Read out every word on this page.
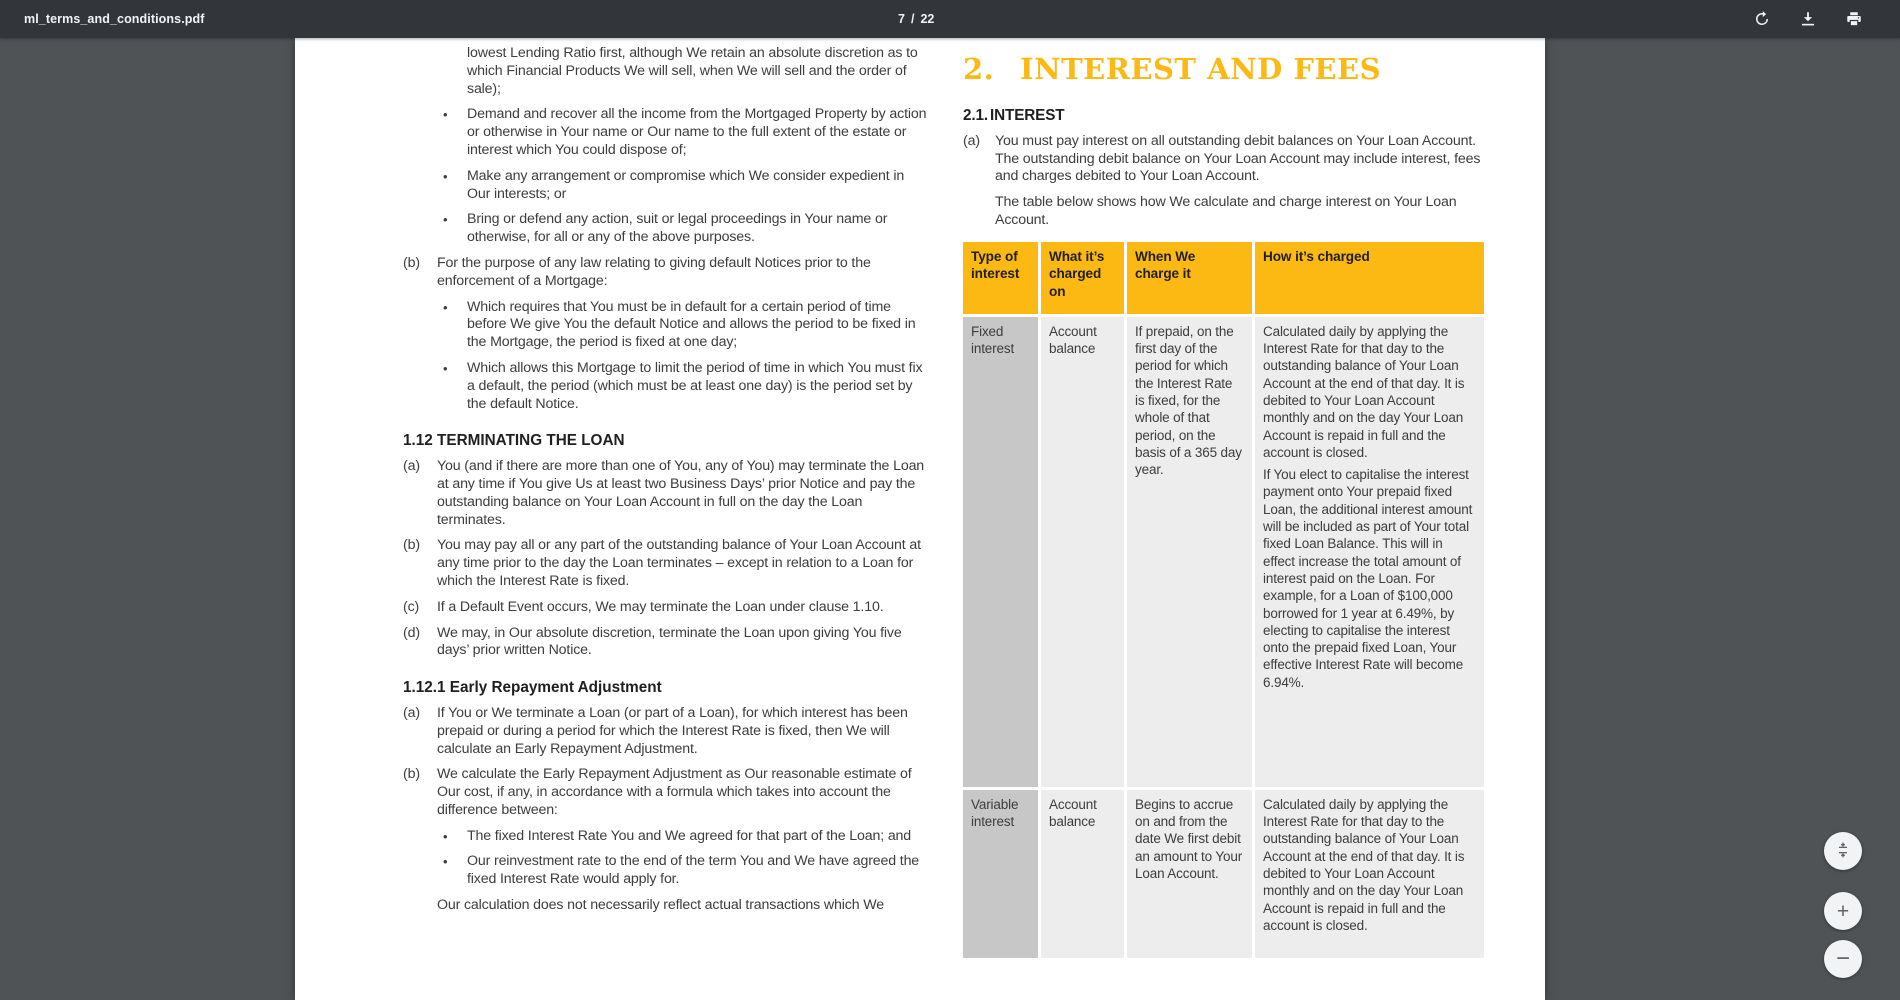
ml_terms_and_conditions.pdf	7 / 22
lowest Lending Ratio first, although We retain an absolute discretion as to which Financial Products We will sell, when We will sell and the order of sale);
•	Demand and recover all the income from the Mortgaged Property by action or otherwise in Your name or Our name to the full extent of the estate or interest which You could dispose of;
•	Make any arrangement or compromise which We consider expedient in Our interests; or
•	Bring or defend any action, suit or legal proceedings in Your name or otherwise, for all or any of the above purposes.
(b)	For the purpose of any law relating to giving default Notices prior to the enforcement of a Mortgage:
•	Which requires that You must be in default for a certain period of time before We give You the default Notice and allows the period to be fixed in the Mortgage, the period is fixed at one day;
•	Which allows this Mortgage to limit the period of time in which You must fix a default, the period (which must be at least one day) is the period set by the default Notice.
1.12 TERMINATING THE LOAN
(a)	You (and if there are more than one of You, any of You) may terminate the Loan at any time if You give Us at least two Business Days’ prior Notice and pay the outstanding balance on Your Loan Account in full on the day the Loan terminates.
(b)	You may pay all or any part of the outstanding balance of Your Loan Account at any time prior to the day the Loan terminates – except in relation to a Loan for which the Interest Rate is fixed.
(c)	If a Default Event occurs, We may terminate the Loan under clause 1.10.
(d)	We may, in Our absolute discretion, terminate the Loan upon giving You five days’ prior written Notice.
1.12.1 Early Repayment Adjustment
(a)	If You or We terminate a Loan (or part of a Loan), for which interest has been prepaid or during a period for which the Interest Rate is fixed, then We will calculate an Early Repayment Adjustment.
(b)	We calculate the Early Repayment Adjustment as Our reasonable estimate of Our cost, if any, in accordance with a formula which takes into account the difference between:
•	The fixed Interest Rate You and We agreed for that part of the Loan; and
•	Our reinvestment rate to the end of the term You and We have agreed the fixed Interest Rate would apply for.
Our calculation does not necessarily reflect actual transactions which We
2. INTEREST AND FEES
2.1. INTEREST
(a)	You must pay interest on all outstanding debit balances on Your Loan Account. The outstanding debit balance on Your Loan Account may include interest, fees and charges debited to Your Loan Account.
The table below shows how We calculate and charge interest on Your Loan Account.
Type of interest	What it’s charged on	When We charge it	How it’s charged
Fixed interest	Account balance	If prepaid, on the first day of the period for which the Interest Rate is fixed, for the whole of that period, on the basis of a 365 day year.	Calculated daily by applying the Interest Rate for that day to the outstanding balance of Your Loan Account at the end of that day. It is debited to Your Loan Account monthly and on the day Your Loan Account is repaid in full and the account is closed.

If You elect to capitalise the interest payment onto Your prepaid fixed Loan, the additional interest amount will be included as part of Your total fixed Loan Balance. This will in effect increase the total amount of interest paid on the Loan. For example, for a Loan of $100,000 borrowed for 1 year at 6.49%, by electing to capitalise the interest onto the prepaid fixed Loan, Your effective Interest Rate will become 6.94%.

Variable interest	Account balance	Begins to accrue on and from the date We first debit an amount to Your Loan Account.	Calculated daily by applying the Interest Rate for that day to the outstanding balance of Your Loan Account at the end of that day. It is debited to Your Loan Account monthly and on the day Your Loan Account is repaid in full and the account is closed.

+
−
